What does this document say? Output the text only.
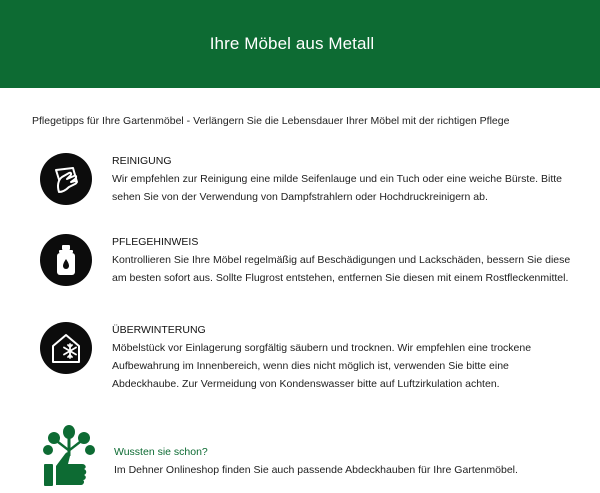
Ihre Möbel aus Metall
Pflegetipps für Ihre Gartenmöbel - Verlängern Sie die Lebensdauer Ihrer Möbel mit der richtigen Pflege
REINIGUNG
Wir empfehlen zur Reinigung eine milde Seifenlauge und ein Tuch oder eine weiche Bürste. Bitte sehen Sie von der Verwendung von Dampfstrahlern oder Hochdruckreinigern ab.
PFLEGEHINWEIS
Kontrollieren Sie Ihre Möbel regelmäßig auf Beschädigungen und Lackschäden, bessern Sie diese am besten sofort aus. Sollte Flugrost entstehen, entfernen Sie diesen mit einem Rostfleckenmittel.
ÜBERWINTERUNG
Möbelstück vor Einlagerung sorgfältig säubern und trocknen. Wir empfehlen eine trockene Aufbewahrung im Innenbereich, wenn dies nicht möglich ist, verwenden Sie bitte eine Abdeckhaube. Zur Vermeidung von Kondenswasser bitte auf Luftzirkulation achten.
Wussten sie schon?
Im Dehner Onlineshop finden Sie auch passende Abdeckhauben für Ihre Gartenmöbel.
